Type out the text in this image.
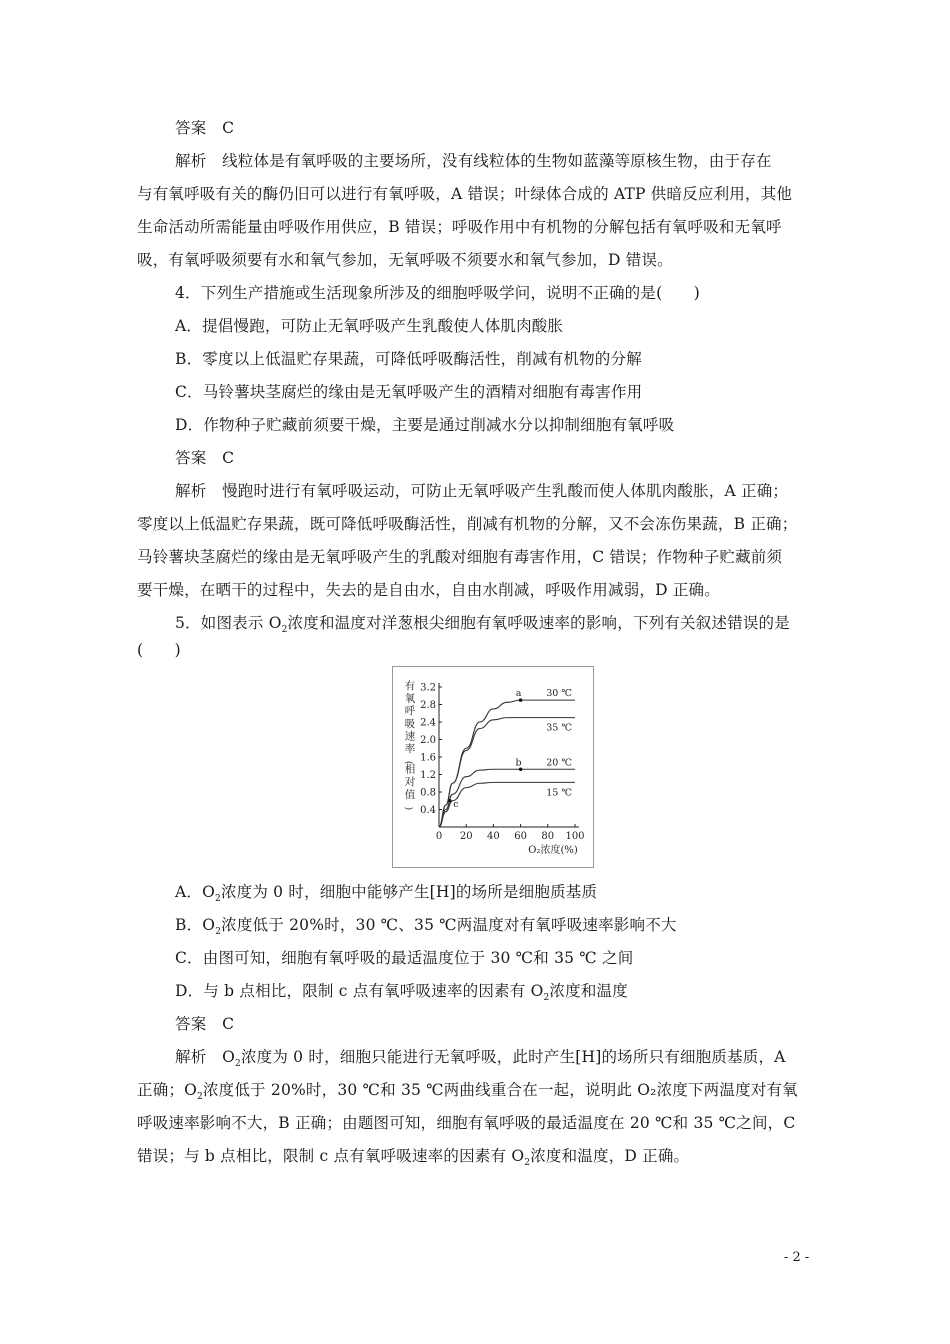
答案　C
解析　线粒体是有氧呼吸的主要场所，没有线粒体的生物如蓝藻等原核生物，由于存在
与有氧呼吸有关的酶仍旧可以进行有氧呼吸，A 错误；叶绿体合成的 ATP 供暗反应利用，其他
生命活动所需能量由呼吸作用供应，B 错误；呼吸作用中有机物的分解包括有氧呼吸和无氧呼
吸，有氧呼吸须要有水和氧气参加，无氧呼吸不须要水和氧气参加，D 错误。
4．下列生产措施或生活现象所涉及的细胞呼吸学问，说明不正确的是(　　)
A．提倡慢跑，可防止无氧呼吸产生乳酸使人体肌肉酸胀
B．零度以上低温贮存果蔬，可降低呼吸酶活性，削减有机物的分解
C．马铃薯块茎腐烂的缘由是无氧呼吸产生的酒精对细胞有毒害作用
D．作物种子贮藏前须要干燥，主要是通过削减水分以抑制细胞有氧呼吸
答案　C
解析　慢跑时进行有氧呼吸运动，可防止无氧呼吸产生乳酸而使人体肌肉酸胀，A 正确；
零度以上低温贮存果蔬，既可降低呼吸酶活性，削减有机物的分解，又不会冻伤果蔬，B 正确；
马铃薯块茎腐烂的缘由是无氧呼吸产生的乳酸对细胞有毒害作用，C 错误；作物种子贮藏前须
要干燥，在晒干的过程中，失去的是自由水，自由水削减，呼吸作用减弱，D 正确。
5．如图表示 $O_2$浓度和温度对洋葱根尖细胞有氧呼吸速率的影响，下列有关叙述错误的是
(　　)
0.4
0.8
1.2
1.6
2.0
2.4
2.8
3.2
0 20 40 60 80 100
有
氧
呼
吸
速
率
(
相
对
值
)
O₂浓度(%)
30 ℃
35 ℃
20 ℃
15 ℃
a
b
c
A．$O_2$浓度为 0 时，细胞中能够产生[H]的场所是细胞质基质
B．$O_2$浓度低于 20%时，30 ℃、35 ℃两温度对有氧呼吸速率影响不大
C．由图可知，细胞有氧呼吸的最适温度位于 30 ℃和 35 ℃ 之间
D．与 b 点相比，限制 c 点有氧呼吸速率的因素有 $O_2$浓度和温度
答案　C
解析　$O_2$浓度为 0 时，细胞只能进行无氧呼吸，此时产生[H]的场所只有细胞质基质，A
正确；$O_2$浓度低于 20%时，30 ℃和 35 ℃两曲线重合在一起，说明此 O₂浓度下两温度对有氧
呼吸速率影响不大，B 正确；由题图可知，细胞有氧呼吸的最适温度在 20 ℃和 35 ℃之间，C
错误；与 b 点相比，限制 c 点有氧呼吸速率的因素有 $O_2$浓度和温度，D 正确。
- 2 -
